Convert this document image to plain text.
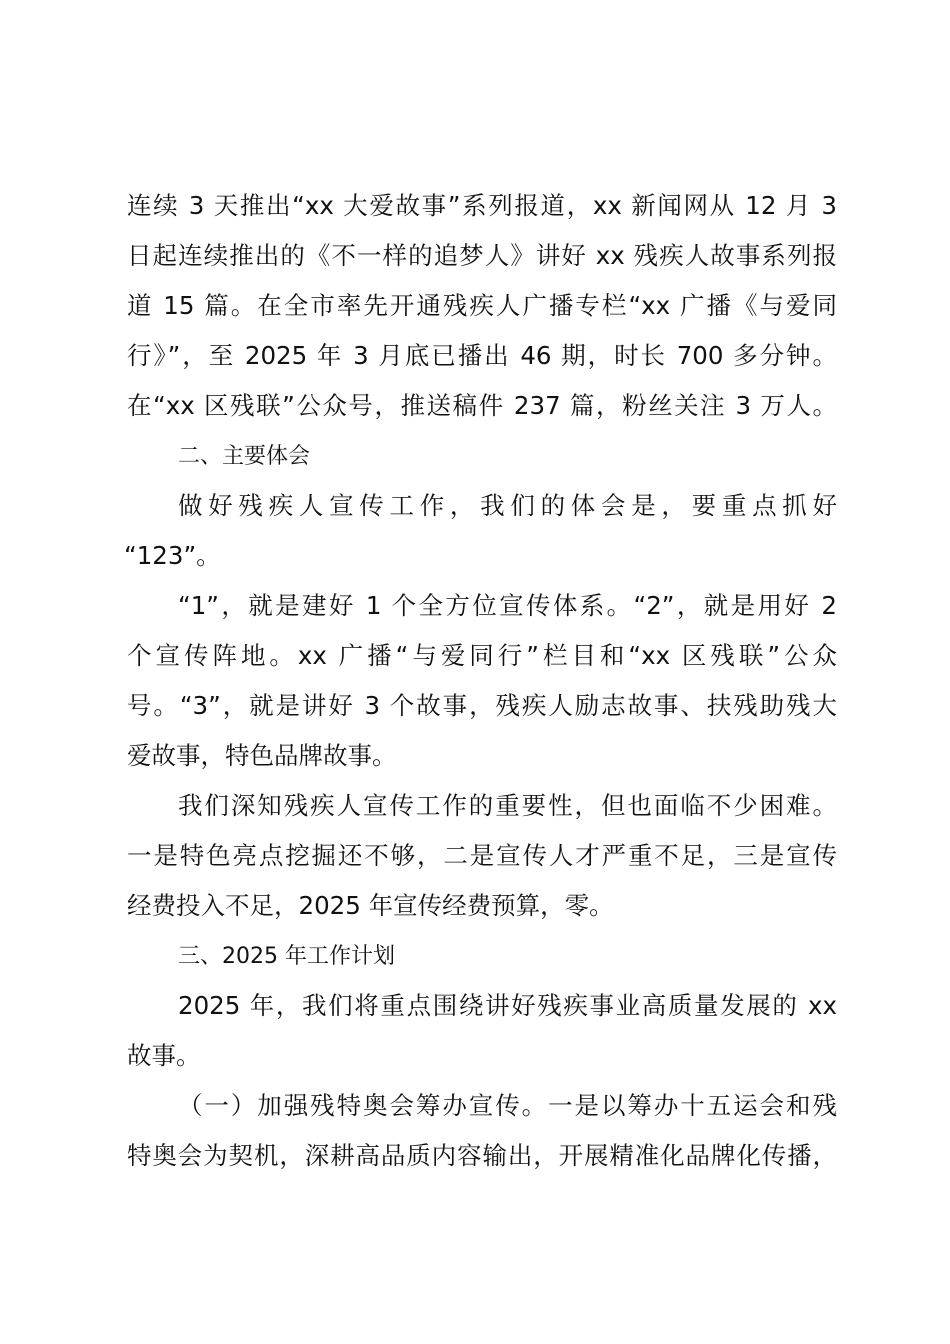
连续 3 天推出“xx 大爱故事”系列报道，xx 新闻网从 12 月 3
日起连续推出的《不一样的追梦人》讲好 xx 残疾人故事系列报
道 15 篇。在全市率先开通残疾人广播专栏“xx 广播《与爱同
行》”，至 2025 年 3 月底已播出 46 期，时长 700 多分钟。
在“xx 区残联”公众号，推送稿件 237 篇，粉丝关注 3 万人。
二、主要体会
做好残疾人宣传工作，我们的体会是，要重点抓好
“123”。
“1”，就是建好 1 个全方位宣传体系。“2”，就是用好 2
个宣传阵地。xx 广播“与爱同行”栏目和“xx 区残联”公众
号。“3”，就是讲好 3 个故事，残疾人励志故事、扶残助残大
爱故事，特色品牌故事。
我们深知残疾人宣传工作的重要性，但也面临不少困难。
一是特色亮点挖掘还不够，二是宣传人才严重不足，三是宣传
经费投入不足，2025 年宣传经费预算，零。
三、2025 年工作计划
2025 年，我们将重点围绕讲好残疾事业高质量发展的 xx
故事。
（一）加强残特奥会筹办宣传。一是以筹办十五运会和残
特奥会为契机，深耕高品质内容输出，开展精准化品牌化传播，
